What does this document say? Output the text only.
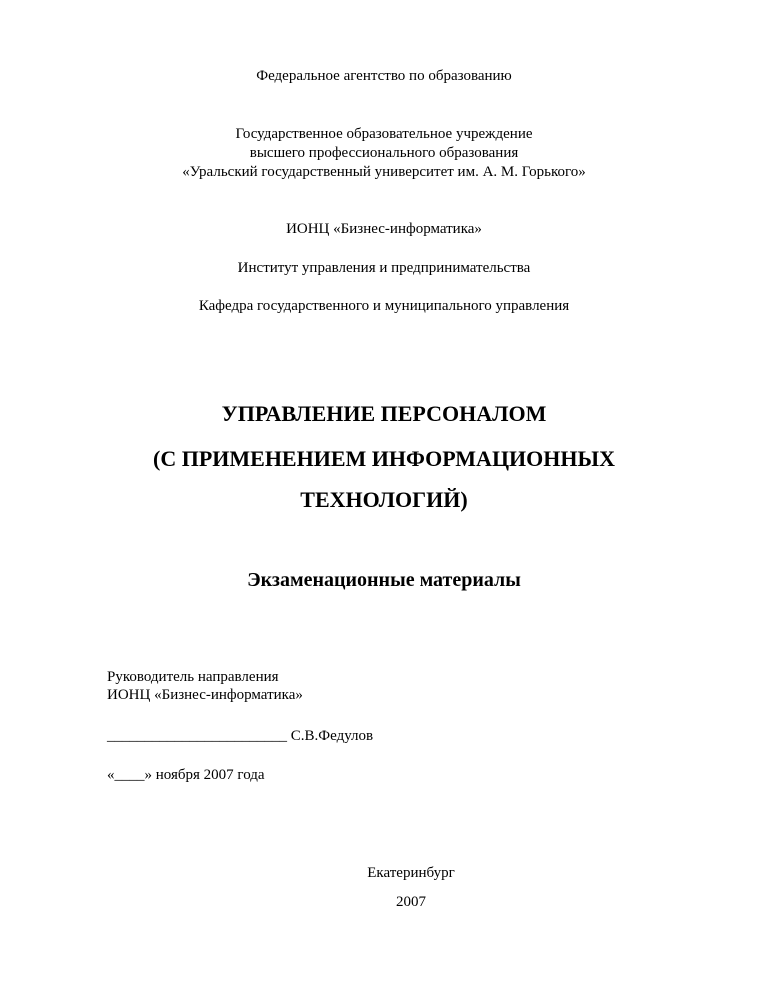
Федеральное агентство по образованию
Государственное образовательное учреждение
высшего профессионального образования
«Уральский государственный университет им. А. М. Горького»
ИОНЦ «Бизнес-информатика»
Институт управления и предпринимательства
Кафедра государственного и муниципального управления
УПРАВЛЕНИЕ ПЕРСОНАЛОМ
(С ПРИМЕНЕНИЕМ ИНФОРМАЦИОННЫХ
ТЕХНОЛОГИЙ)
Экзаменационные материалы
Руководитель направления
ИОНЦ «Бизнес-информатика»
________________________ С.В.Федулов
«____» ноября 2007 года
Екатеринбург
2007
